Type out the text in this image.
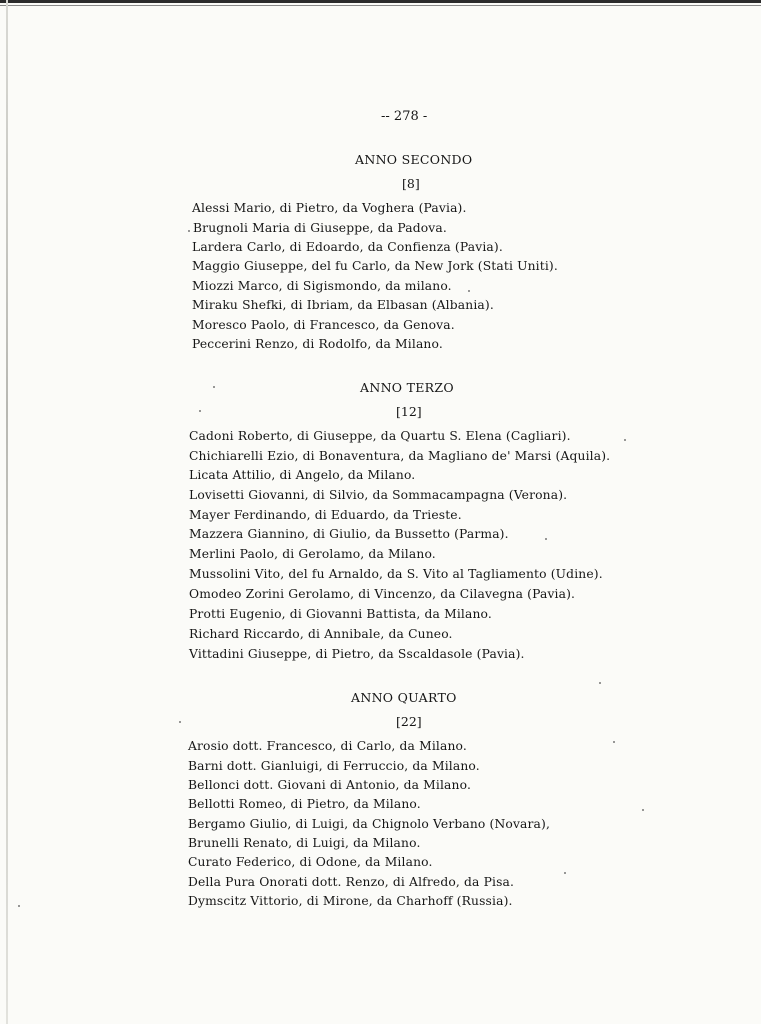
-- 278 -
ANNO SECONDO
[8]
Alessi Mario, di Pietro, da Voghera (Pavia).
Brugnoli Maria di Giuseppe, da Padova.
Lardera Carlo, di Edoardo, da Confienza (Pavia).
Maggio Giuseppe, del fu Carlo, da New Jork (Stati Uniti).
Miozzi Marco, di Sigismondo, da milano.
Miraku Shefki, di Ibriam, da Elbasan (Albania).
Moresco Paolo, di Francesco, da Genova.
Peccerini Renzo, di Rodolfo, da Milano.
ANNO TERZO
[12]
Cadoni Roberto, di Giuseppe, da Quartu S. Elena (Cagliari).
Chichiarelli Ezio, di Bonaventura, da Magliano de' Marsi (Aquila).
Licata Attilio, di Angelo, da Milano.
Lovisetti Giovanni, di Silvio, da Sommacampagna (Verona).
Mayer Ferdinando, di Eduardo, da Trieste.
Mazzera Giannino, di Giulio, da Bussetto (Parma).
Merlini Paolo, di Gerolamo, da Milano.
Mussolini Vito, del fu Arnaldo, da S. Vito al Tagliamento (Udine).
Omodeo Zorini Gerolamo, di Vincenzo, da Cilavegna (Pavia).
Protti Eugenio, di Giovanni Battista, da Milano.
Richard Riccardo, di Annibale, da Cuneo.
Vittadini Giuseppe, di Pietro, da Sscaldasole (Pavia).
ANNO QUARTO
[22]
Arosio dott. Francesco, di Carlo, da Milano.
Barni dott. Gianluigi, di Ferruccio, da Milano.
Bellonci dott. Giovani di Antonio, da Milano.
Bellotti Romeo, di Pietro, da Milano.
Bergamo Giulio, di Luigi, da Chignolo Verbano (Novara),
Brunelli Renato, di Luigi, da Milano.
Curato Federico, di Odone, da Milano.
Della Pura Onorati dott. Renzo, di Alfredo, da Pisa.
Dymscitz Vittorio, di Mirone, da Charhoff (Russia).
